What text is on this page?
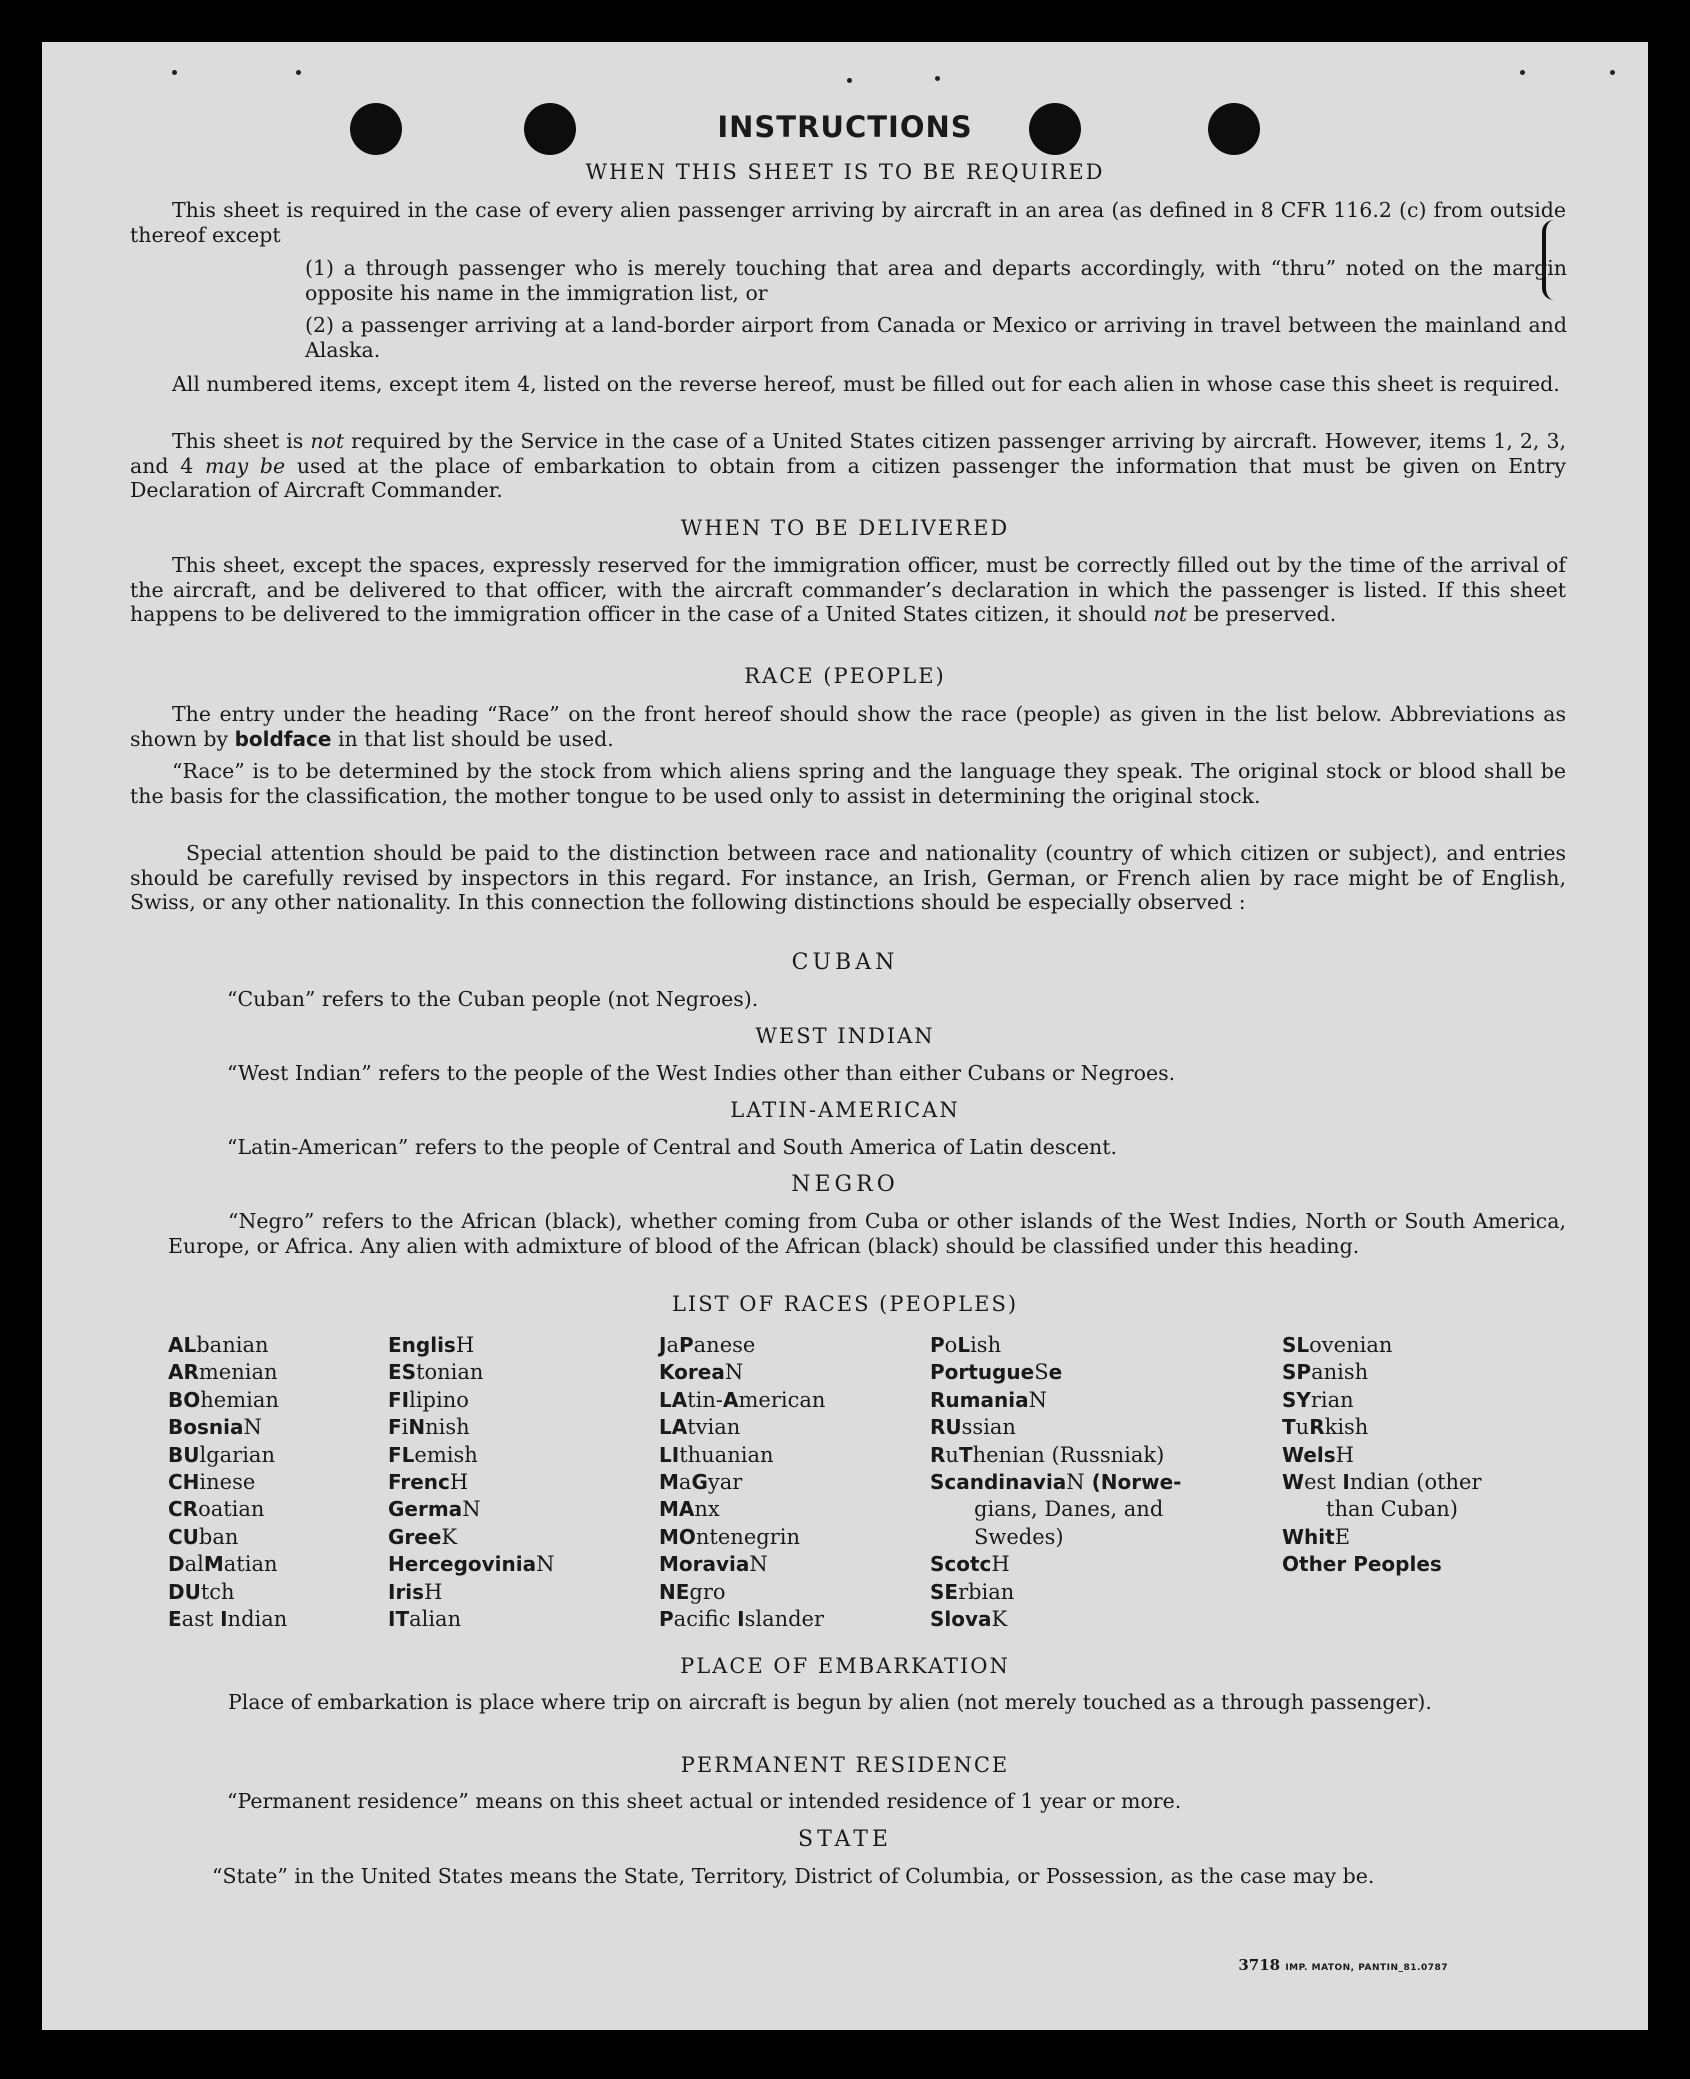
INSTRUCTIONS
WHEN THIS SHEET IS TO BE REQUIRED
This sheet is required in the case of every alien passenger arriving by aircraft in an area (as defined in 8 CFR 116.2 (c) from outside thereof except
(1) a through passenger who is merely touching that area and departs accordingly, with “thru” noted on the margin opposite his name in the immigration list, or
(2) a passenger arriving at a land-border airport from Canada or Mexico or arriving in travel between the mainland and Alaska.
All numbered items, except item 4, listed on the reverse hereof, must be filled out for each alien in whose case this sheet is required.
This sheet is not required by the Service in the case of a United States citizen passenger arriving by aircraft. However, items 1, 2, 3, and 4 may be used at the place of embarkation to obtain from a citizen passenger the information that must be given on Entry Declaration of Aircraft Commander.
WHEN TO BE DELIVERED
This sheet, except the spaces, expressly reserved for the immigration officer, must be correctly filled out by the time of the arrival of the aircraft, and be delivered to that officer, with the aircraft commander’s declaration in which the passenger is listed. If this sheet happens to be delivered to the immigration officer in the case of a United States citizen, it should not be preserved.
RACE (PEOPLE)
The entry under the heading “Race” on the front hereof should show the race (people) as given in the list below. Abbreviations as shown by boldface in that list should be used.
“Race” is to be determined by the stock from which aliens spring and the language they speak. The original stock or blood shall be the basis for the classification, the mother tongue to be used only to assist in determining the original stock.
Special attention should be paid to the distinction between race and nationality (country of which citizen or subject), and entries should be carefully revised by inspectors in this regard. For instance, an Irish, German, or French alien by race might be of English, Swiss, or any other nationality. In this connection the following distinctions should be especially observed :
CUBAN
“Cuban” refers to the Cuban people (not Negroes).
WEST INDIAN
“West Indian” refers to the people of the West Indies other than either Cubans or Negroes.
LATIN-AMERICAN
“Latin-American” refers to the people of Central and South America of Latin descent.
NEGRO
“Negro” refers to the African (black), whether coming from Cuba or other islands of the West Indies, North or South America, Europe, or Africa. Any alien with admixture of blood of the African (black) should be classified under this heading.
LIST OF RACES (PEOPLES)
ALbanian
ARmenian
BOhemian
BosniaN
BUlgarian
CHinese
CRoatian
CUban
DalMatian
DUtch
East Indian
EnglisH
EStonian
FIlipino
FiNnish
FLemish
FrencH
GermaN
GreeK
HercegoviniaN
IrisH
ITalian
JaPanese
KoreaN
LAtin-American
LAtvian
LIthuanian
MaGyar
MAnx
MOntenegrin
MoraviaN
NEgro
Pacific Islander
PoLish
PortugueSe
RumaniaN
RUssian
RuThenian (Russniak)
ScandinaviaN (Norwe-
gians, Danes, and
Swedes)
ScotcH
SErbian
SlovaK
SLovenian
SPanish
SYrian
TuRkish
WelsH
West Indian (other
than Cuban)
WhitE
Other Peoples
PLACE OF EMBARKATION
Place of embarkation is place where trip on aircraft is begun by alien (not merely touched as a through passenger).
PERMANENT RESIDENCE
“Permanent residence” means on this sheet actual or intended residence of 1 year or more.
STATE
“State” in the United States means the State, Territory, District of Columbia, or Possession, as the case may be.
3718 IMP. MATON, PANTIN_81.0787
